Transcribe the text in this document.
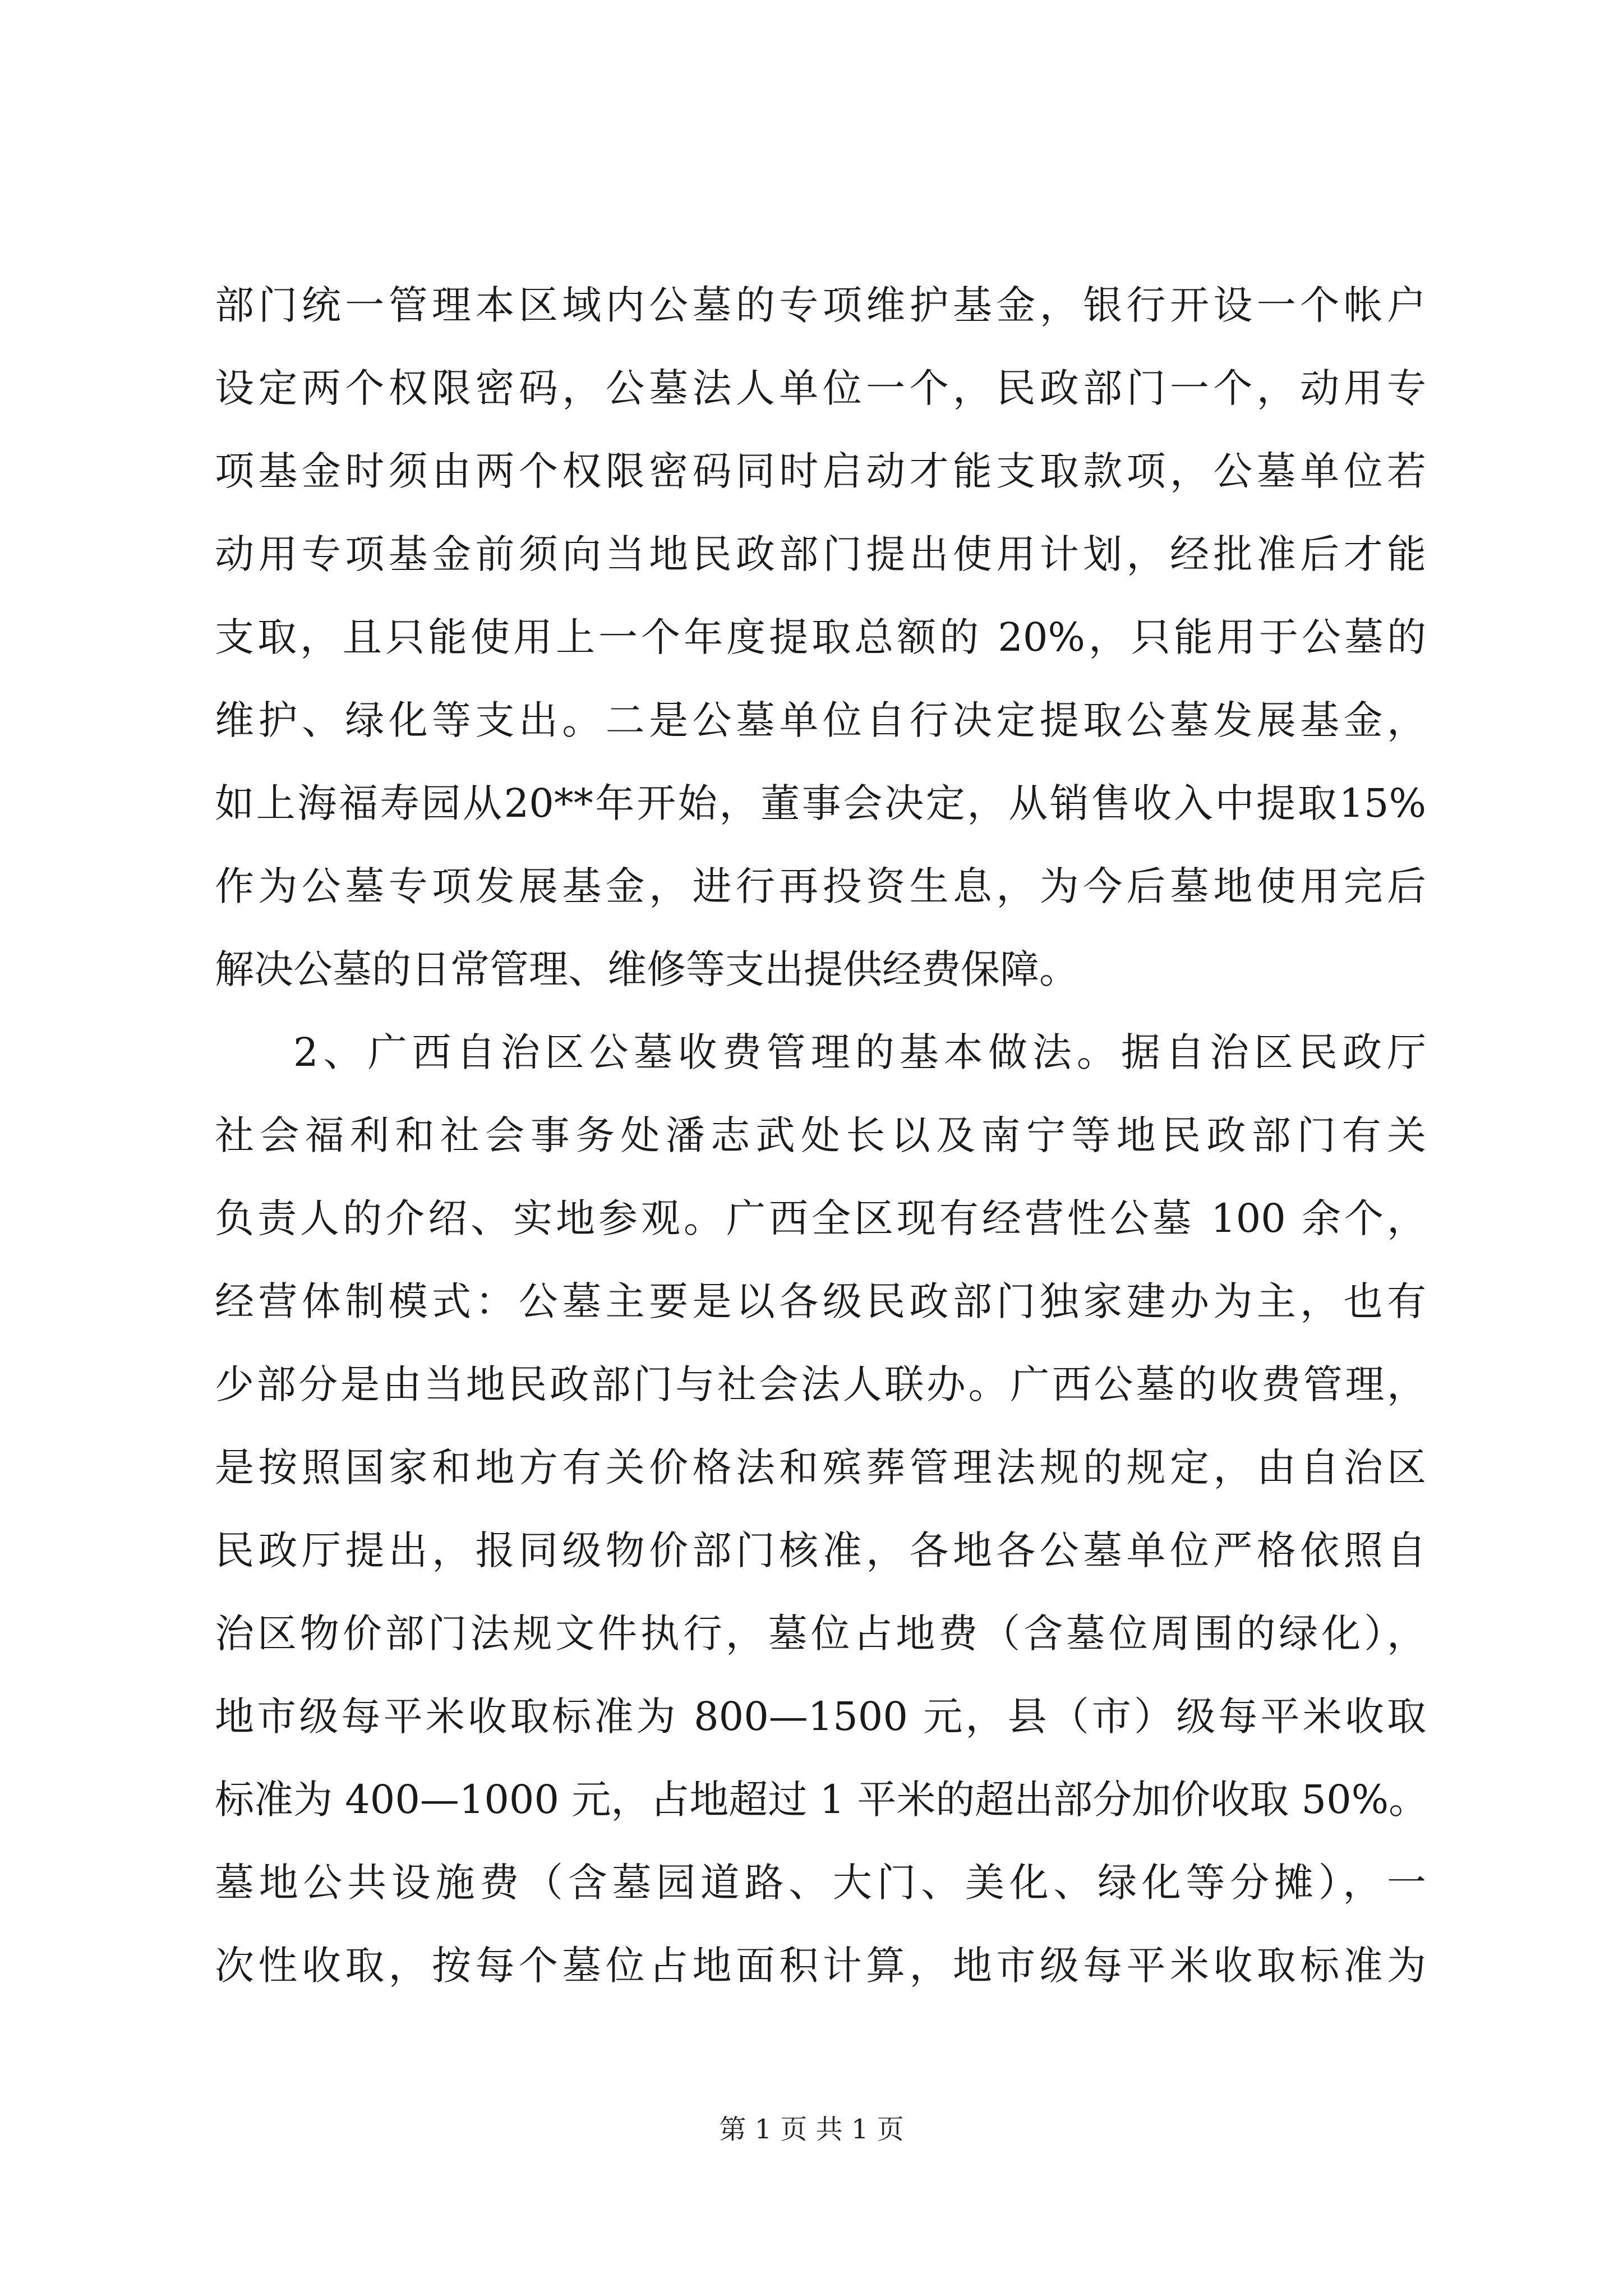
部门统一管理本区域内公墓的专项维护基金，银行开设一个帐户
设定两个权限密码，公墓法人单位一个，民政部门一个，动用专
项基金时须由两个权限密码同时启动才能支取款项，公墓单位若
动用专项基金前须向当地民政部门提出使用计划，经批准后才能
支取，且只能使用上一个年度提取总额的 20%，只能用于公墓的
维护、绿化等支出。二是公墓单位自行决定提取公墓发展基金，
如上海福寿园从20**年开始，董事会决定，从销售收入中提取15%
作为公墓专项发展基金，进行再投资生息，为今后墓地使用完后
解决公墓的日常管理、维修等支出提供经费保障。
2、广西自治区公墓收费管理的基本做法。据自治区民政厅
社会福利和社会事务处潘志武处长以及南宁等地民政部门有关
负责人的介绍、实地参观。广西全区现有经营性公墓 100 余个，
经营体制模式：公墓主要是以各级民政部门独家建办为主，也有
少部分是由当地民政部门与社会法人联办。广西公墓的收费管理，
是按照国家和地方有关价格法和殡葬管理法规的规定，由自治区
民政厅提出，报同级物价部门核准，各地各公墓单位严格依照自
治区物价部门法规文件执行，墓位占地费（含墓位周围的绿化），
地市级每平米收取标准为 800—1500 元，县（市）级每平米收取
标准为 400—1000 元，占地超过 1 平米的超出部分加价收取 50%。
墓地公共设施费（含墓园道路、大门、美化、绿化等分摊），一
次性收取，按每个墓位占地面积计算，地市级每平米收取标准为
第 1 页 共 1 页
